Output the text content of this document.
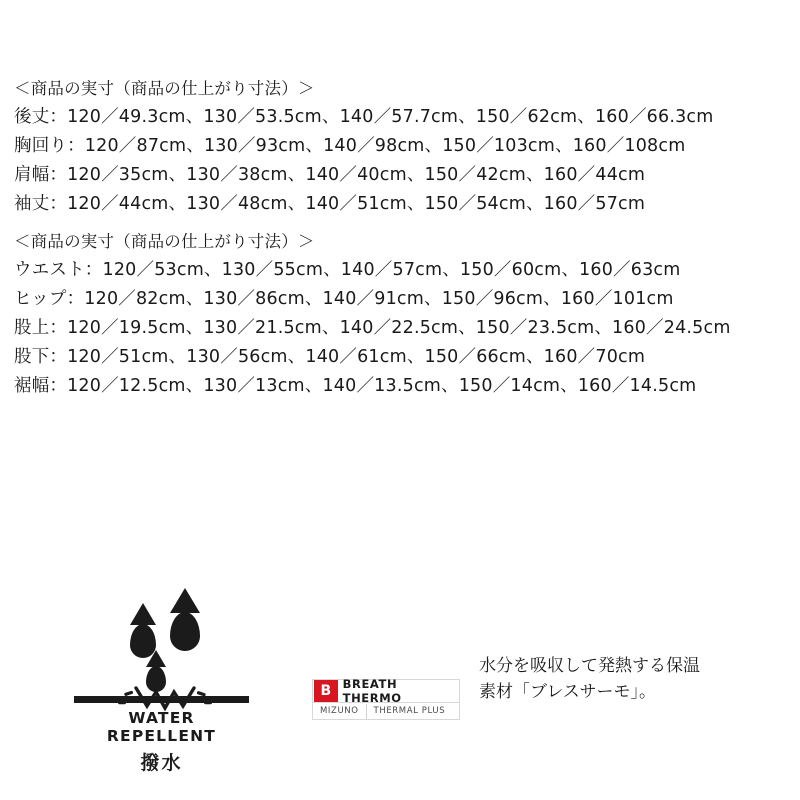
＜商品の実寸（商品の仕上がり寸法）＞
後丈：120／49.3cm、130／53.5cm、140／57.7cm、150／62cm、160／66.3cm
胸回り：120／87cm、130／93cm、140／98cm、150／103cm、160／108cm
肩幅：120／35cm、130／38cm、140／40cm、150／42cm、160／44cm
袖丈：120／44cm、130／48cm、140／51cm、150／54cm、160／57cm
＜商品の実寸（商品の仕上がり寸法）＞
ウエスト：120／53cm、130／55cm、140／57cm、150／60cm、160／63cm
ヒップ：120／82cm、130／86cm、140／91cm、150／96cm、160／101cm
股上：120／19.5cm、130／21.5cm、140／22.5cm、150／23.5cm、160／24.5cm
股下：120／51cm、130／56cm、140／61cm、150／66cm、160／70cm
裾幅：120／12.5cm、130／13cm、140／13.5cm、150／14cm、160／14.5cm
WATER REPELLENT
撥水
B BREATH THERMO
MIZUNO	THERMAL PLUS
水分を吸収して発熱する保温素材「ブレスサーモ」。
